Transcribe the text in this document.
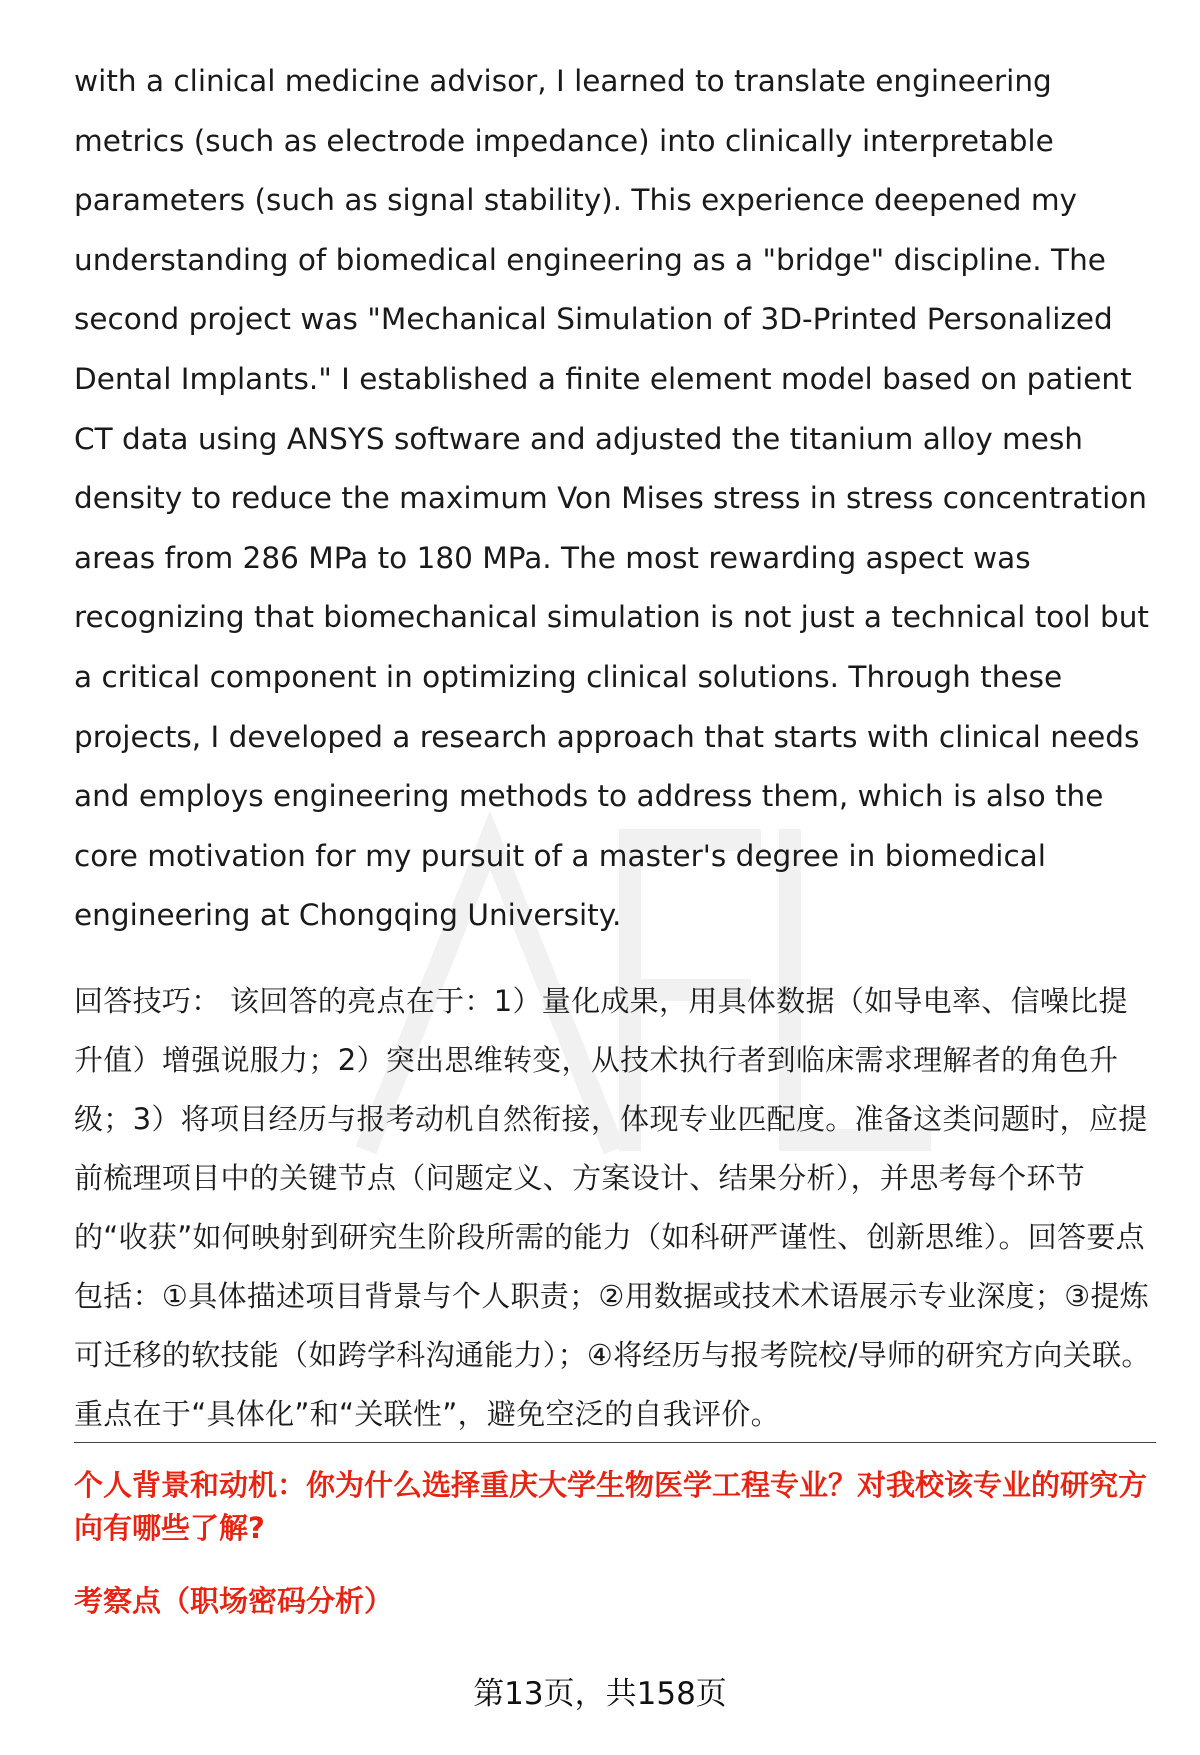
with a clinical medicine advisor, I learned to translate engineering metrics (such as electrode impedance) into clinically interpretable parameters (such as signal stability). This experience deepened my understanding of biomedical engineering as a "bridge" discipline. The second project was "Mechanical Simulation of 3D-Printed Personalized Dental Implants." I established a finite element model based on patient CT data using ANSYS software and adjusted the titanium alloy mesh density to reduce the maximum Von Mises stress in stress concentration areas from 286 MPa to 180 MPa. The most rewarding aspect was recognizing that biomechanical simulation is not just a technical tool but a critical component in optimizing clinical solutions. Through these projects, I developed a research approach that starts with clinical needs and employs engineering methods to address them, which is also the core motivation for my pursuit of a master's degree in biomedical engineering at Chongqing University.

回答技巧： 该回答的亮点在于：1）量化成果，用具体数据（如导电率、信噪比提升值）增强说服力；2）突出思维转变，从技术执行者到临床需求理解者的角色升级；3）将项目经历与报考动机自然衔接，体现专业匹配度。准备这类问题时，应提前梳理项目中的关键节点（问题定义、方案设计、结果分析），并思考每个环节的“收获”如何映射到研究生阶段所需的能力（如科研严谨性、创新思维）。回答要点包括：①具体描述项目背景与个人职责；②用数据或技术术语展示专业深度；③提炼可迁移的软技能（如跨学科沟通能力）；④将经历与报考院校/导师的研究方向关联。重点在于“具体化”和“关联性”，避免空泛的自我评价。
个人背景和动机：你为什么选择重庆大学生物医学工程专业？对我校该专业的研究方向有哪些了解?
考察点（职场密码分析）
第13页，共158页
